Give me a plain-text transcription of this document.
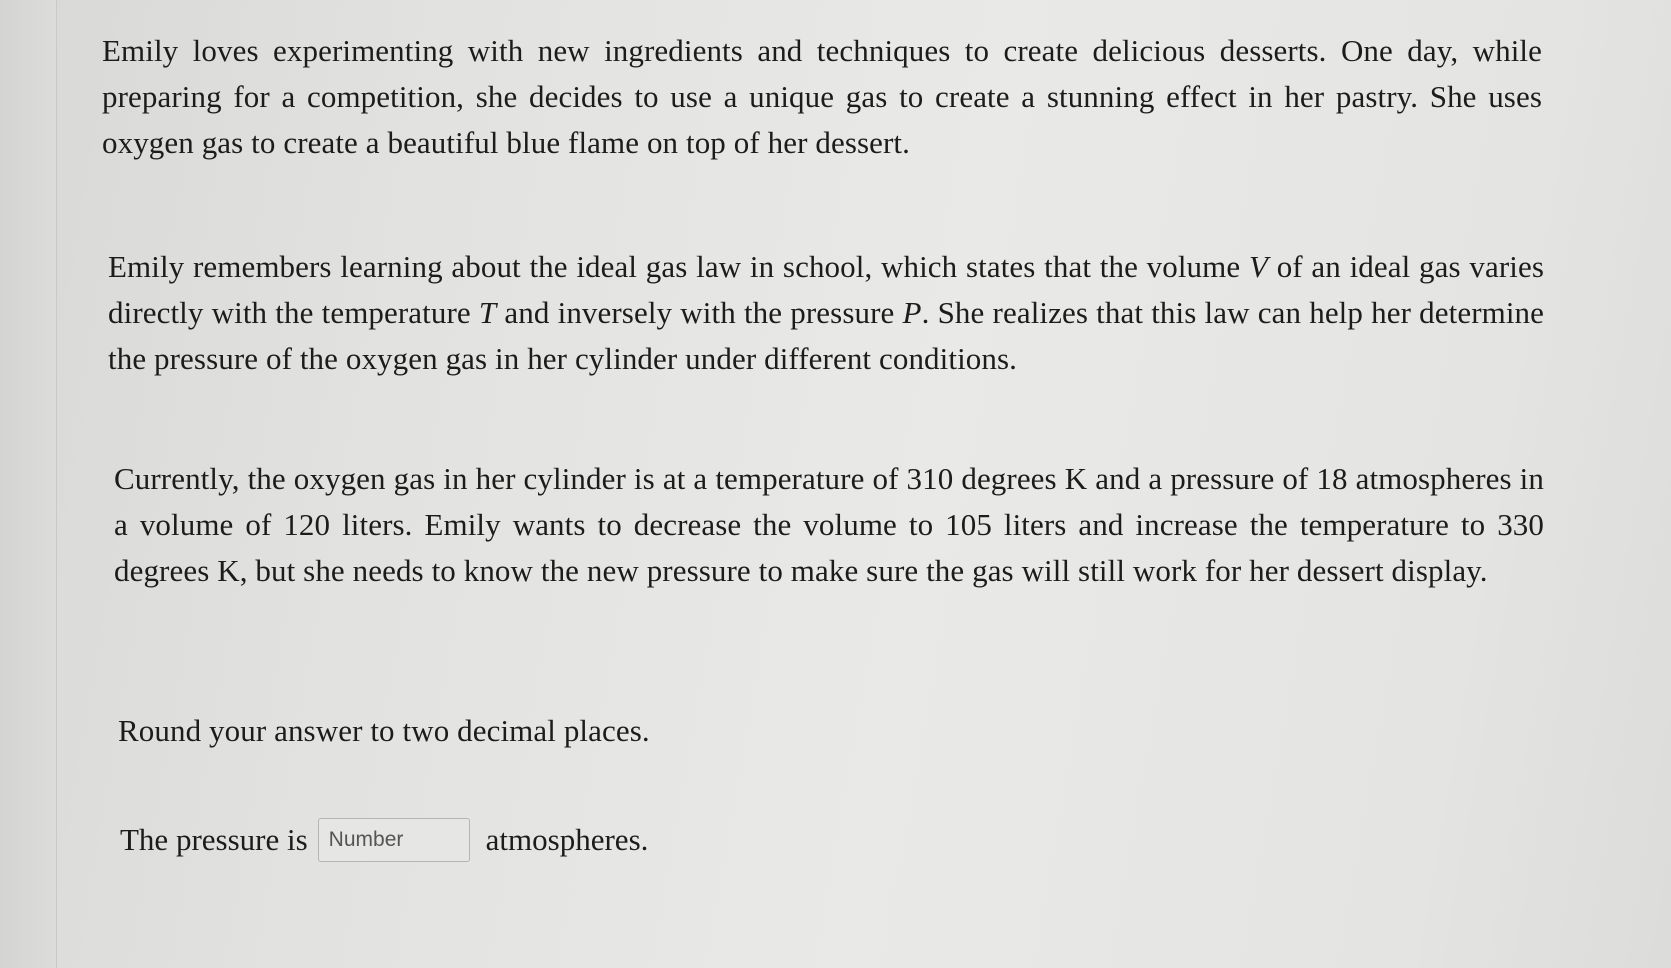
Emily loves experimenting with new ingredients and techniques to create delicious desserts. One day, while preparing for a competition, she decides to use a unique gas to create a stunning effect in her pastry. She uses oxygen gas to create a beautiful blue flame on top of her dessert.

Emily remembers learning about the ideal gas law in school, which states that the volume V of an ideal gas varies directly with the temperature T and inversely with the pressure P. She realizes that this law can help her determine the pressure of the oxygen gas in her cylinder under different conditions.

Currently, the oxygen gas in her cylinder is at a temperature of 310 degrees K and a pressure of 18 atmospheres in a volume of 120 liters. Emily wants to decrease the volume to 105 liters and increase the temperature to 330 degrees K, but she needs to know the new pressure to make sure the gas will still work for her dessert display.

Round your answer to two decimal places.

The pressure is
Number	atmospheres.
